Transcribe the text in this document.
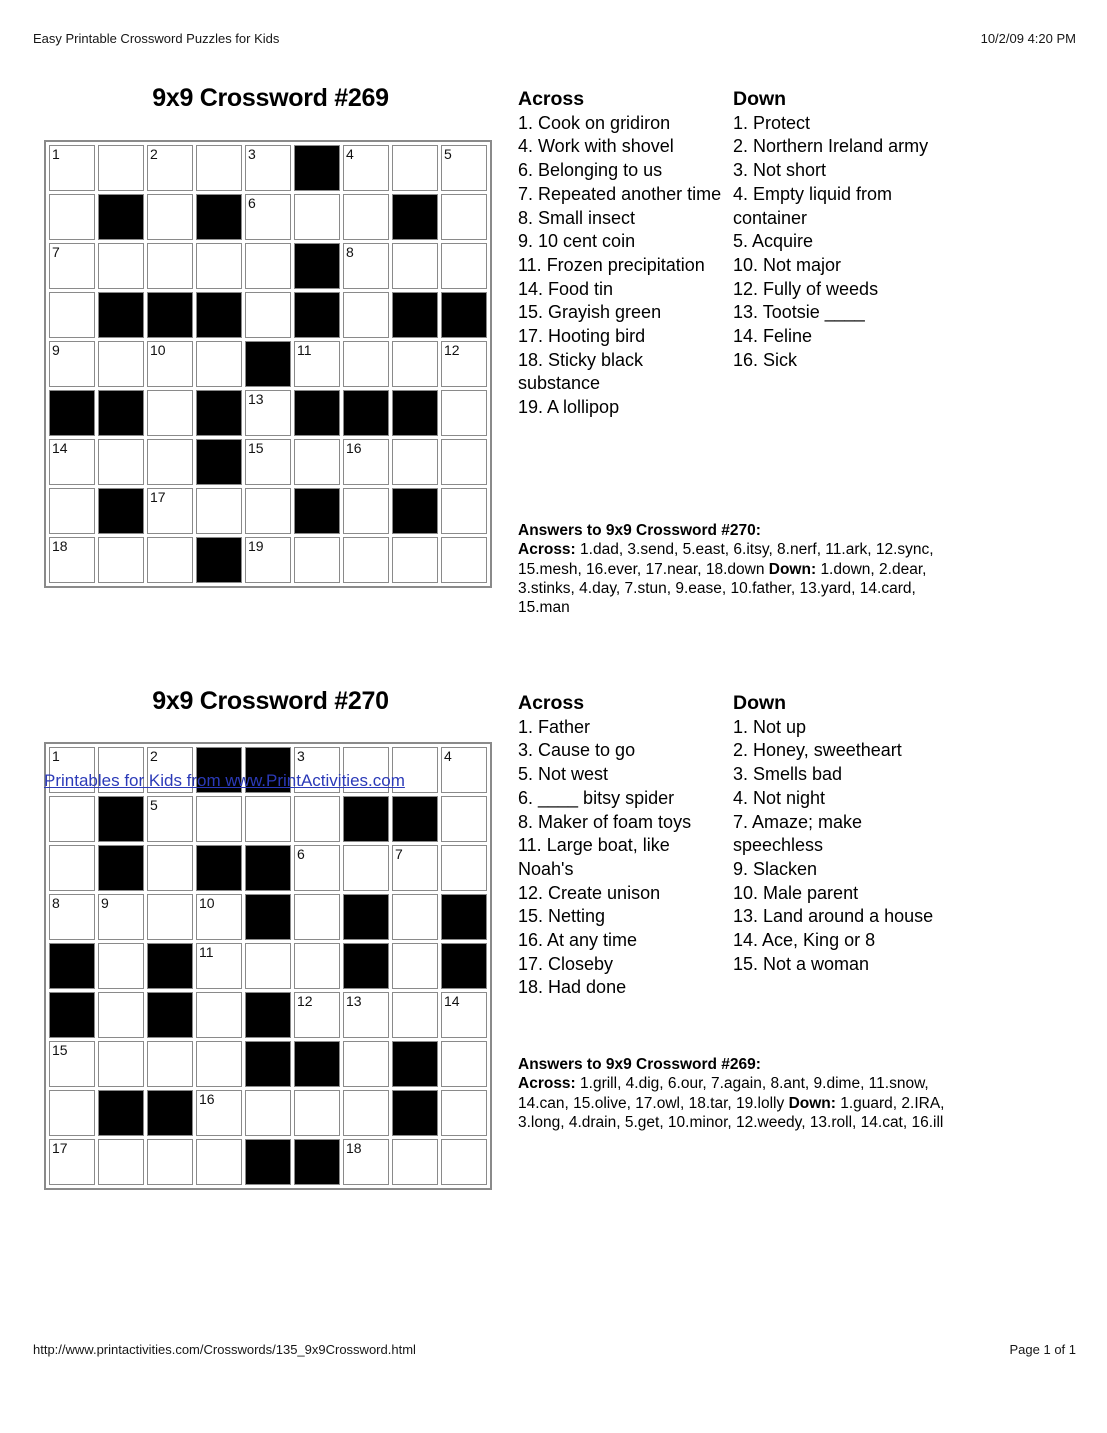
Easy Printable Crossword Puzzles for Kids	10/2/09 4:20 PM
9x9 Crossword #269
1		2		3		4		5

				6				

7						8		

9		10			11			12

				13				

14				15		16		

		17						

18				19				

Across
1. Cook on gridiron
4. Work with shovel
6. Belonging to us
7. Repeated another time
8. Small insect
9. 10 cent coin
11. Frozen precipitation
14. Food tin
15. Grayish green
17. Hooting bird
18. Sticky black substance
19. A lollipop
Down
1. Protect
2. Northern Ireland army
3. Not short
4. Empty liquid from container
5. Acquire
10. Not major
12. Fully of weeds
13. Tootsie ____
14. Feline
16. Sick

Answers to 9x9 Crossword #270:
Across: 1.dad, 3.send, 5.east, 6.itsy, 8.nerf, 11.ark, 12.sync, 15.mesh, 16.ever, 17.near, 18.down Down: 1.down, 2.dear, 3.stinks, 4.day, 7.stun, 9.ease, 10.father, 13.yard, 14.card, 15.man

9x9 Crossword #270
1		2			3			4

		5						

					6		7	

8	9		10					

			11					

					12	13		14

15								

			16					

17						18		

Printables for Kids from www.PrintActivities.com
Across
1. Father
3. Cause to go
5. Not west
6. ____ bitsy spider
8. Maker of foam toys
11. Large boat, like Noah's
12. Create unison
15. Netting
16. At any time
17. Closeby
18. Had done
Down
1. Not up
2. Honey, sweetheart
3. Smells bad
4. Not night
7. Amaze; make speechless
9. Slacken
10. Male parent
13. Land around a house
14. Ace, King or 8
15. Not a woman

Answers to 9x9 Crossword #269:
Across: 1.grill, 4.dig, 6.our, 7.again, 8.ant, 9.dime, 11.snow, 14.can, 15.olive, 17.owl, 18.tar, 19.lolly Down: 1.guard, 2.IRA, 3.long, 4.drain, 5.get, 10.minor, 12.weedy, 13.roll, 14.cat, 16.ill

http://www.printactivities.com/Crosswords/135_9x9Crossword.html	Page 1 of 1
